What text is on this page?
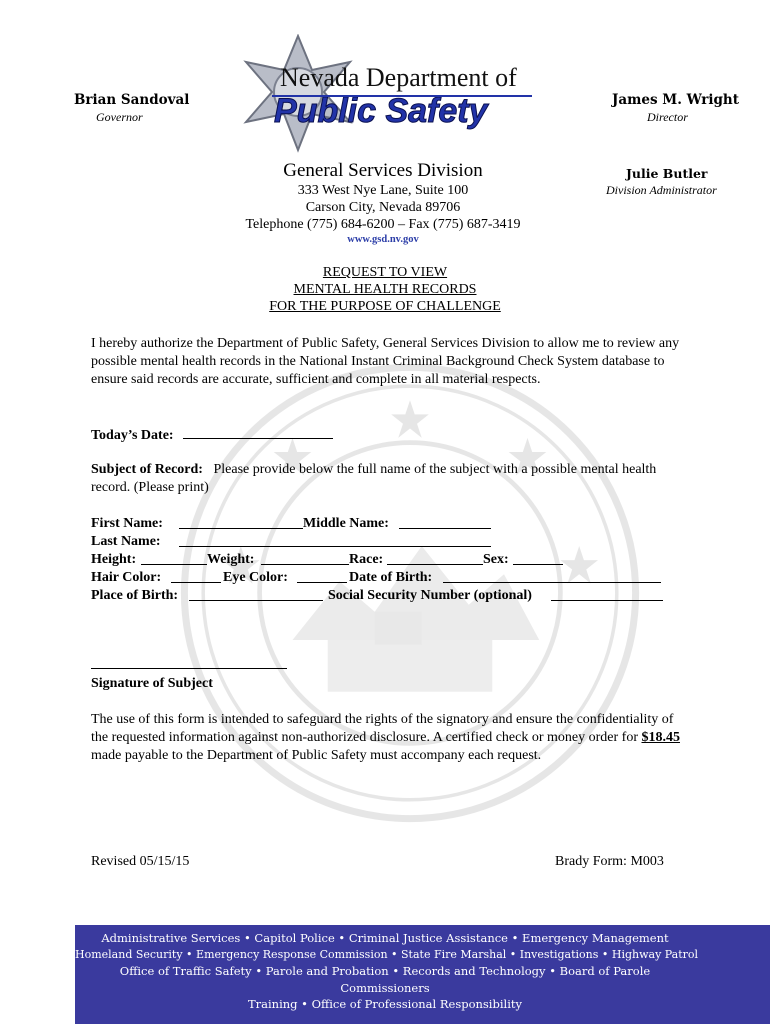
Nevada Department of
Public Safety
Brian Sandoval
Governor
James M. Wright
Director
Julie Butler
Division Administrator
General Services Division
333 West Nye Lane, Suite 100
Carson City, Nevada 89706
Telephone (775) 684-6200 – Fax (775) 687-3419
www.gsd.nv.gov
REQUEST TO VIEW
MENTAL HEALTH RECORDS
FOR THE PURPOSE OF CHALLENGE
I hereby authorize the Department of Public Safety, General Services Division to allow me to review any possible mental health records in the National Instant Criminal Background Check System database to ensure said records are accurate, sufficient and complete in all material respects.
Today’s Date:
Subject of Record: Please provide below the full name of the subject with a possible mental health record. (Please print)
First Name:	Middle Name:
Last Name:
Height:	Weight:	Race:	Sex:
Hair Color:	Eye Color:	Date of Birth:
Place of Birth:	Social Security Number (optional)
Signature of Subject
The use of this form is intended to safeguard the rights of the signatory and ensure the confidentiality of the requested information against non-authorized disclosure. A certified check or money order for $18.45 made payable to the Department of Public Safety must accompany each request.
Revised 05/15/15	Brady Form: M003
Administrative Services • Capitol Police • Criminal Justice Assistance • Emergency Management
Homeland Security • Emergency Response Commission • State Fire Marshal • Investigations • Highway Patrol
Office of Traffic Safety • Parole and Probation • Records and Technology • Board of Parole Commissioners
Training • Office of Professional Responsibility
